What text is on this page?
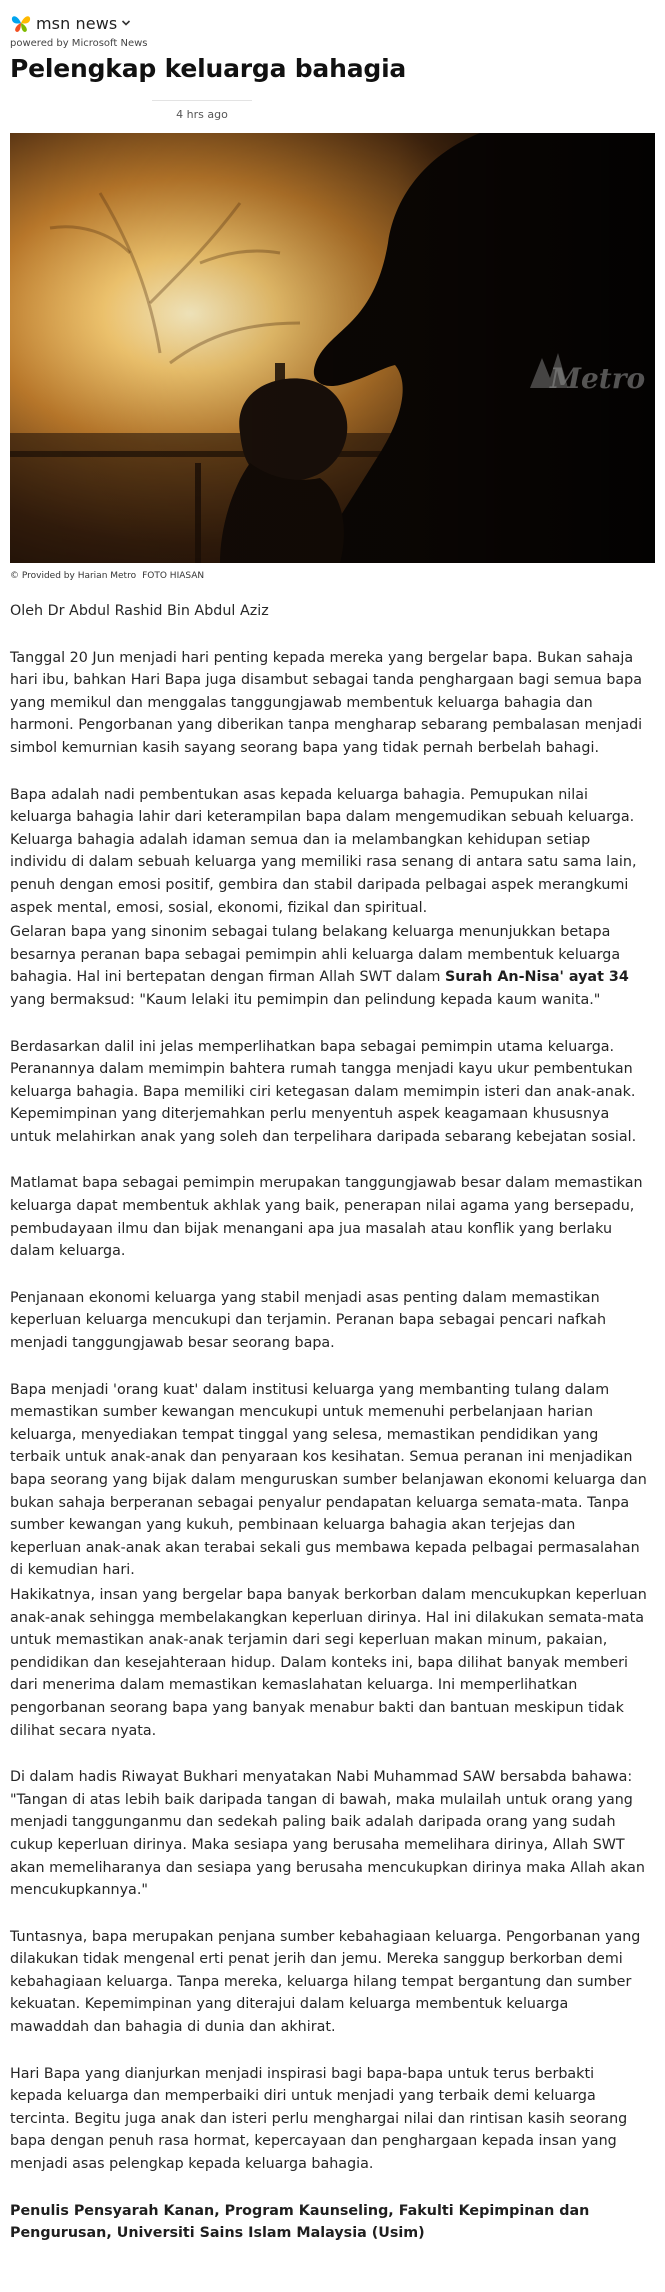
msn news
powered by Microsoft News
Pelengkap keluarga bahagia
4 hrs ago
Metro
© Provided by Harian Metro FOTO HIASAN

Oleh Dr Abdul Rashid Bin Abdul Aziz

Tanggal 20 Jun menjadi hari penting kepada mereka yang bergelar bapa. Bukan sahaja hari ibu, bahkan Hari Bapa juga disambut sebagai tanda penghargaan bagi semua bapa yang memikul dan menggalas tanggungjawab membentuk keluarga bahagia dan harmoni. Pengorbanan yang diberikan tanpa mengharap sebarang pembalasan menjadi simbol kemurnian kasih sayang seorang bapa yang tidak pernah berbelah bahagi.

Bapa adalah nadi pembentukan asas kepada keluarga bahagia. Pemupukan nilai keluarga bahagia lahir dari keterampilan bapa dalam mengemudikan sebuah keluarga. Keluarga bahagia adalah idaman semua dan ia melambangkan kehidupan setiap individu di dalam sebuah keluarga yang memiliki rasa senang di antara satu sama lain, penuh dengan emosi positif, gembira dan stabil daripada pelbagai aspek merangkumi aspek mental, emosi, sosial, ekonomi, fizikal dan spiritual.

Gelaran bapa yang sinonim sebagai tulang belakang keluarga menunjukkan betapa besarnya peranan bapa sebagai pemimpin ahli keluarga dalam membentuk keluarga bahagia. Hal ini bertepatan dengan firman Allah SWT dalam Surah An-Nisa' ayat 34 yang bermaksud: "Kaum lelaki itu pemimpin dan pelindung kepada kaum wanita."

Berdasarkan dalil ini jelas memperlihatkan bapa sebagai pemimpin utama keluarga. Peranannya dalam memimpin bahtera rumah tangga menjadi kayu ukur pembentukan keluarga bahagia. Bapa memiliki ciri ketegasan dalam memimpin isteri dan anak-anak. Kepemimpinan yang diterjemahkan perlu menyentuh aspek keagamaan khususnya untuk melahirkan anak yang soleh dan terpelihara daripada sebarang kebejatan sosial.

Matlamat bapa sebagai pemimpin merupakan tanggungjawab besar dalam memastikan keluarga dapat membentuk akhlak yang baik, penerapan nilai agama yang bersepadu, pembudayaan ilmu dan bijak menangani apa jua masalah atau konflik yang berlaku dalam keluarga.

Penjanaan ekonomi keluarga yang stabil menjadi asas penting dalam memastikan keperluan keluarga mencukupi dan terjamin. Peranan bapa sebagai pencari nafkah menjadi tanggungjawab besar seorang bapa.

Bapa menjadi 'orang kuat' dalam institusi keluarga yang membanting tulang dalam memastikan sumber kewangan mencukupi untuk memenuhi perbelanjaan harian keluarga, menyediakan tempat tinggal yang selesa, memastikan pendidikan yang terbaik untuk anak-anak dan penyaraan kos kesihatan. Semua peranan ini menjadikan bapa seorang yang bijak dalam menguruskan sumber belanjawan ekonomi keluarga dan bukan sahaja berperanan sebagai penyalur pendapatan keluarga semata-mata. Tanpa sumber kewangan yang kukuh, pembinaan keluarga bahagia akan terjejas dan keperluan anak-anak akan terabai sekali gus membawa kepada pelbagai permasalahan di kemudian hari.

Hakikatnya, insan yang bergelar bapa banyak berkorban dalam mencukupkan keperluan anak-anak sehingga membelakangkan keperluan dirinya. Hal ini dilakukan semata-mata untuk memastikan anak-anak terjamin dari segi keperluan makan minum, pakaian, pendidikan dan kesejahteraan hidup. Dalam konteks ini, bapa dilihat banyak memberi dari menerima dalam memastikan kemaslahatan keluarga. Ini memperlihatkan pengorbanan seorang bapa yang banyak menabur bakti dan bantuan meskipun tidak dilihat secara nyata.

Di dalam hadis Riwayat Bukhari menyatakan Nabi Muhammad SAW bersabda bahawa: "Tangan di atas lebih baik daripada tangan di bawah, maka mulailah untuk orang yang menjadi tanggunganmu dan sedekah paling baik adalah daripada orang yang sudah cukup keperluan dirinya. Maka sesiapa yang berusaha memelihara dirinya, Allah SWT akan memeliharanya dan sesiapa yang berusaha mencukupkan dirinya maka Allah akan mencukupkannya."

Tuntasnya, bapa merupakan penjana sumber kebahagiaan keluarga. Pengorbanan yang dilakukan tidak mengenal erti penat jerih dan jemu. Mereka sanggup berkorban demi kebahagiaan keluarga. Tanpa mereka, keluarga hilang tempat bergantung dan sumber kekuatan. Kepemimpinan yang diterajui dalam keluarga membentuk keluarga mawaddah dan bahagia di dunia dan akhirat.

Hari Bapa yang dianjurkan menjadi inspirasi bagi bapa-bapa untuk terus berbakti kepada keluarga dan memperbaiki diri untuk menjadi yang terbaik demi keluarga tercinta. Begitu juga anak dan isteri perlu menghargai nilai dan rintisan kasih seorang bapa dengan penuh rasa hormat, kepercayaan dan penghargaan kepada insan yang menjadi asas pelengkap kepada keluarga bahagia.

Penulis Pensyarah Kanan, Program Kaunseling, Fakulti Kepimpinan dan Pengurusan, Universiti Sains Islam Malaysia (Usim)
